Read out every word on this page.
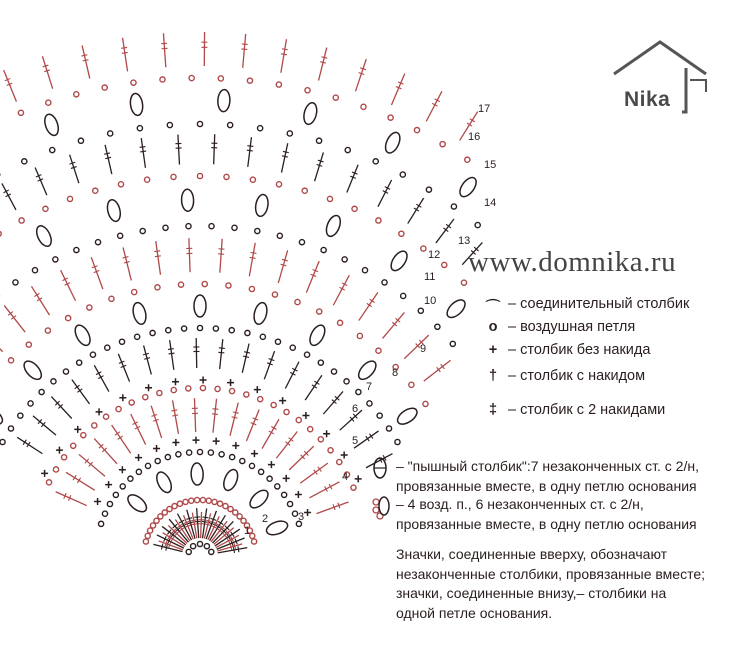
1
2	3
4
5
6
7
8
9
10
11
12
13
14
15
16
17	Nika
www.domnika.ru
⌒ – соединительный столбик
o – воздушная петля
+ – столбик без накида
† – столбик с накидом
‡ – столбик с 2 накидами
– "пышный столбик":7 незаконченных ст. с 2/н,
провязанные вместе, в одну петлю основания
– 4 возд. п., 6 незаконченных ст. с 2/н,
провязанные вместе, в одну петлю основания
Значки, соединенные вверху, обозначают
незаконченные столбики, провязанные вместе;
значки, соединенные внизу,– столбики на
одной петле основания.
